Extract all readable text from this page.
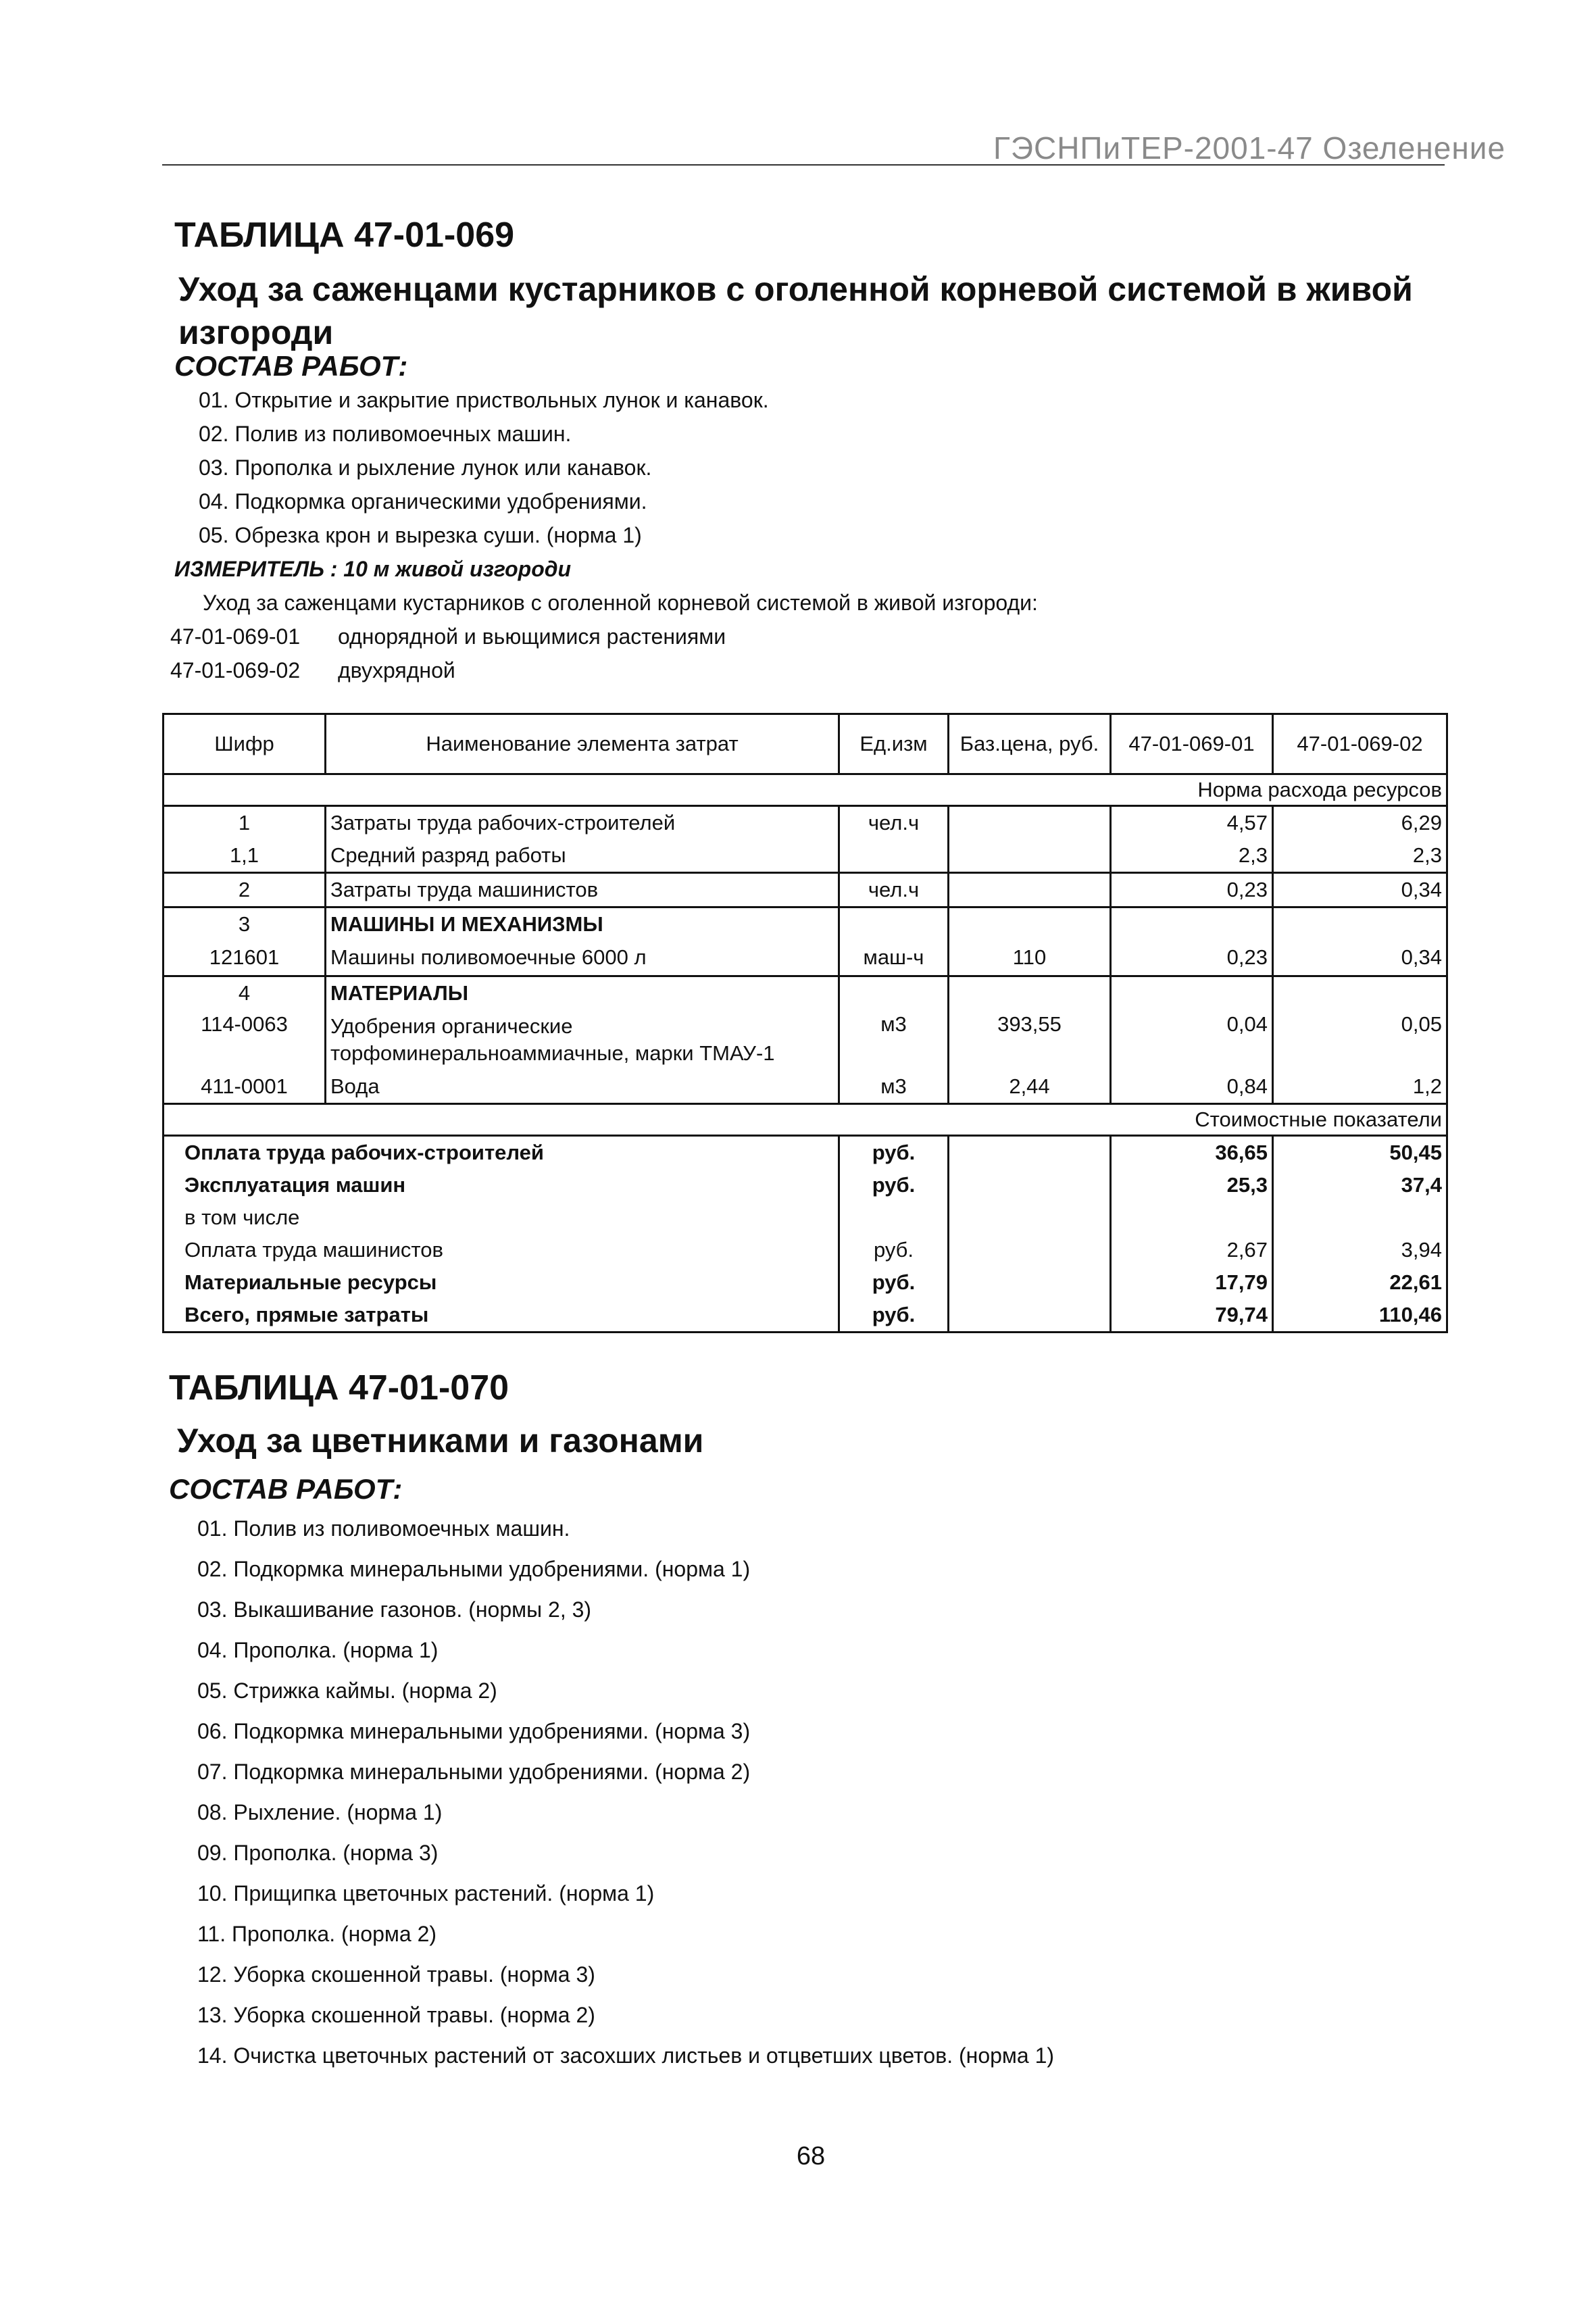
ГЭСНПиТЕР-2001-47 Озеленение
ТАБЛИЦА 47-01-069
Уход за саженцами кустарников с оголенной корневой системой в живой изгороди
СОСТАВ РАБОТ:
01. Открытие и закрытие приствольных лунок и канавок.
02. Полив из поливомоечных машин.
03. Прополка и рыхление лунок или канавок.
04. Подкормка органическими удобрениями.
05. Обрезка крон и вырезка суши. (норма 1)
ИЗМЕРИТЕЛЬ : 10 м живой изгороди
Уход за саженцами кустарников с оголенной корневой системой в живой изгороди:
47-01-069-01 однорядной и вьющимися растениями
47-01-069-02 двухрядной
Шифр	Наименование элемента затрат	Ед.изм	Баз.цена, руб.	47-01-069-01	47-01-069-02
Норма расхода ресурсов					
1	Затраты труда рабочих-строителей	чел.ч		4,57	6,29
1,1	Средний разряд работы			2,3	2,3
2	Затраты труда машинистов	чел.ч		0,23	0,34
3	МАШИНЫ И МЕХАНИЗМЫ				
121601	Машины поливомоечные 6000 л	маш-ч	110	0,23	0,34
4	МАТЕРИАЛЫ				
114-0063	Удобрения органические торфоминеральноаммиачные, марки ТМАУ-1	м3	393,55	0,04	0,05
411-0001	Вода	м3	2,44	0,84	1,2
Стоимостные показатели					
Оплата труда рабочих-строителей		руб.		36,65	50,45
Эксплуатация машин		руб.		25,3	37,4
в том числе					
Оплата труда машинистов		руб.		2,67	3,94
Материальные ресурсы		руб.		17,79	22,61
Всего, прямые затраты		руб.		79,74	110,46
ТАБЛИЦА 47-01-070
Уход за цветниками и газонами
СОСТАВ РАБОТ:
01. Полив из поливомоечных машин.
02. Подкормка минеральными удобрениями. (норма 1)
03. Выкашивание газонов. (нормы 2, 3)
04. Прополка. (норма 1)
05. Стрижка каймы. (норма 2)
06. Подкормка минеральными удобрениями. (норма 3)
07. Подкормка минеральными удобрениями. (норма 2)
08. Рыхление. (норма 1)
09. Прополка. (норма 3)
10. Прищипка цветочных растений. (норма 1)
11. Прополка. (норма 2)
12. Уборка скошенной травы. (норма 3)
13. Уборка скошенной травы. (норма 2)
14. Очистка цветочных растений от засохших листьев и отцветших цветов. (норма 1)
68
